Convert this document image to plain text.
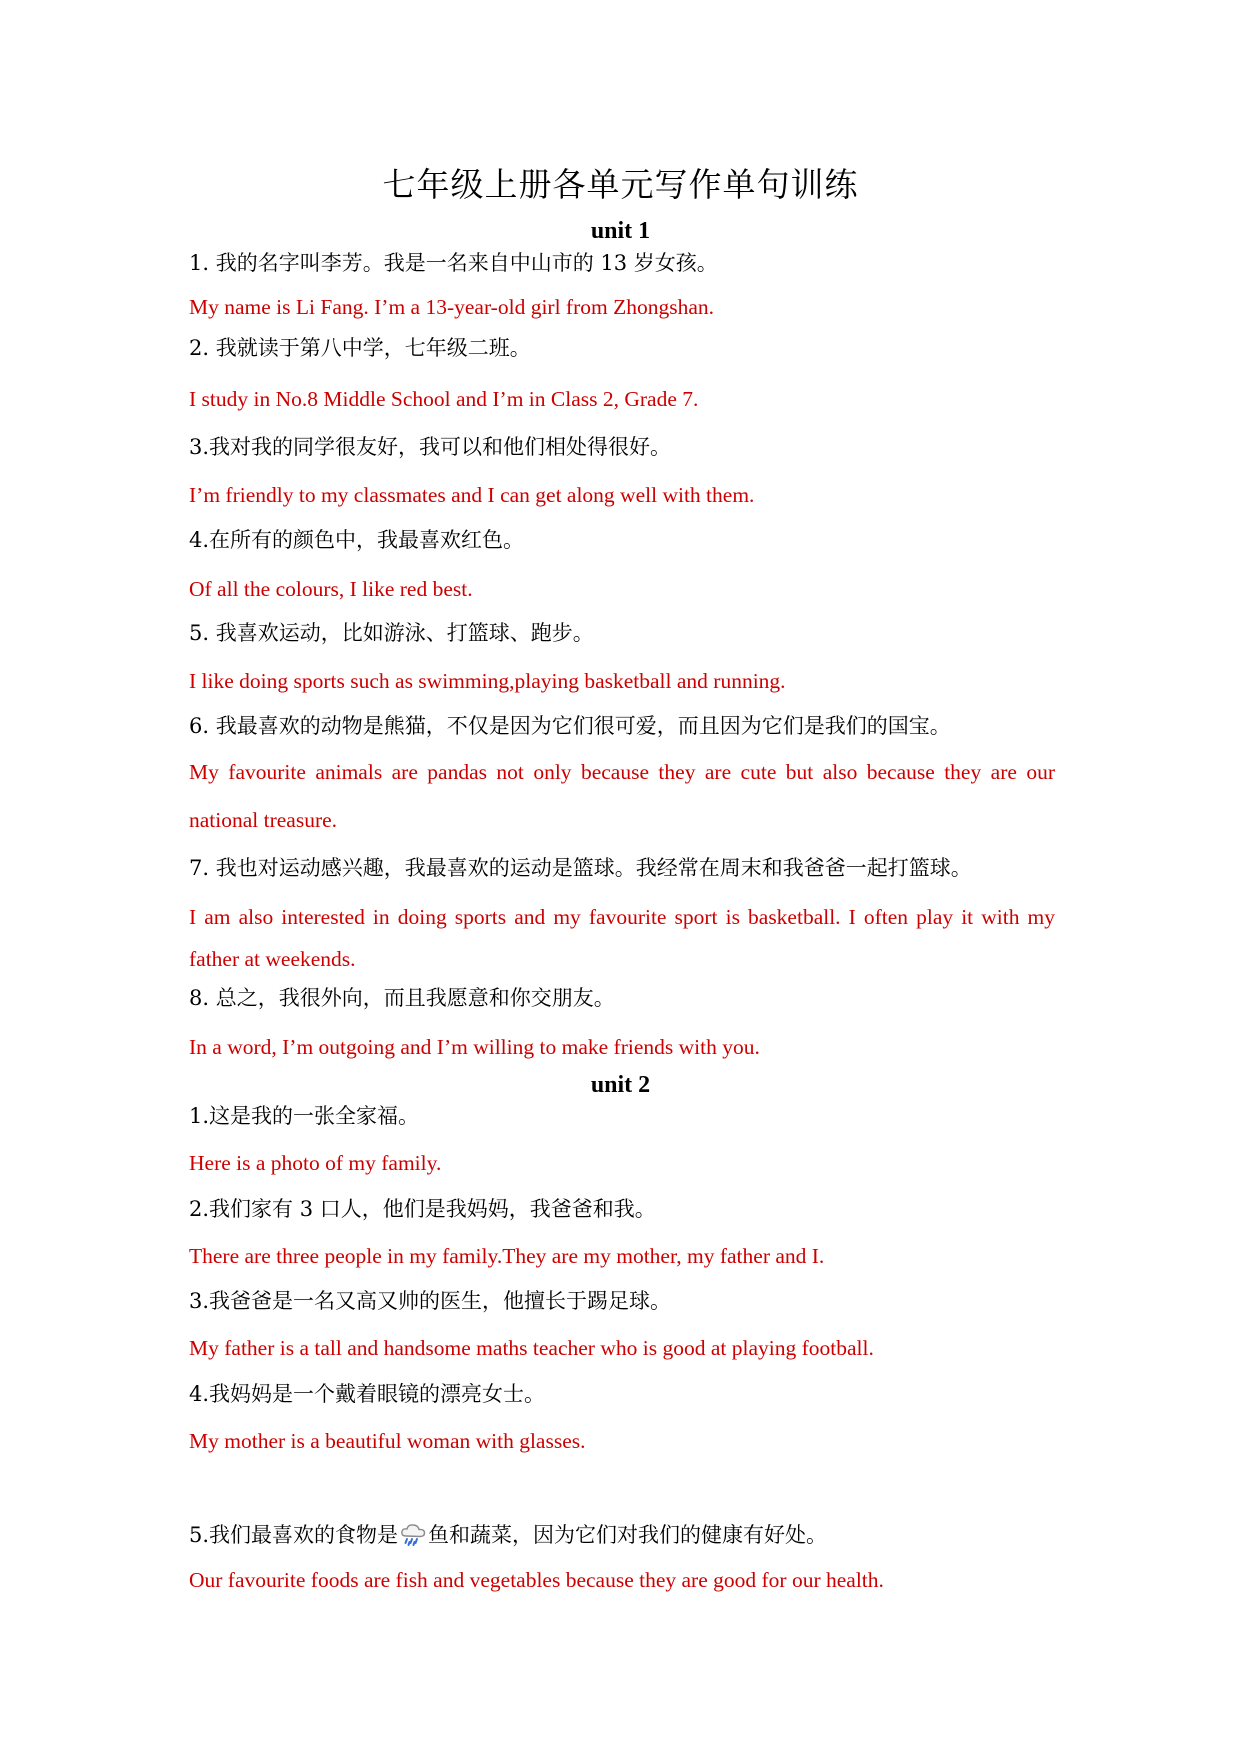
七年级上册各单元写作单句训练
unit 1
1. 我的名字叫李芳。我是一名来自中山市的 13 岁女孩。
My name is Li Fang. I’m a 13-year-old girl from Zhongshan.
2. 我就读于第八中学，七年级二班。
I study in No.8 Middle School and I’m in Class 2, Grade 7.
3.我对我的同学很友好，我可以和他们相处得很好。
I’m friendly to my classmates and I can get along well with them.
4.在所有的颜色中，我最喜欢红色。
Of all the colours, I like red best.
5. 我喜欢运动，比如游泳、打篮球、跑步。
I like doing sports such as swimming,playing basketball and running.
6. 我最喜欢的动物是熊猫，不仅是因为它们很可爱，而且因为它们是我们的国宝。
My favourite animals are pandas not only because they are cute but also because they are our national treasure.
7. 我也对运动感兴趣，我最喜欢的运动是篮球。我经常在周末和我爸爸一起打篮球。
I am also interested in doing sports and my favourite sport is basketball. I often play it with my father at weekends.
8. 总之，我很外向，而且我愿意和你交朋友。
In a word, I’m outgoing and I’m willing to make friends with you.
unit 2
1.这是我的一张全家福。
Here is a photo of my family.
2.我们家有 3 口人，他们是我妈妈，我爸爸和我。
There are three people in my family.They are my mother, my father and I.
3.我爸爸是一名又高又帅的医生，他擅长于踢足球。
My father is a tall and handsome maths teacher who is good at playing football.
4.我妈妈是一个戴着眼镜的漂亮女士。
My mother is a beautiful woman with glasses.
5.我们最喜欢的食物是 鱼和蔬菜，因为它们对我们的健康有好处。
Our favourite foods are fish and vegetables because they are good for our health.
